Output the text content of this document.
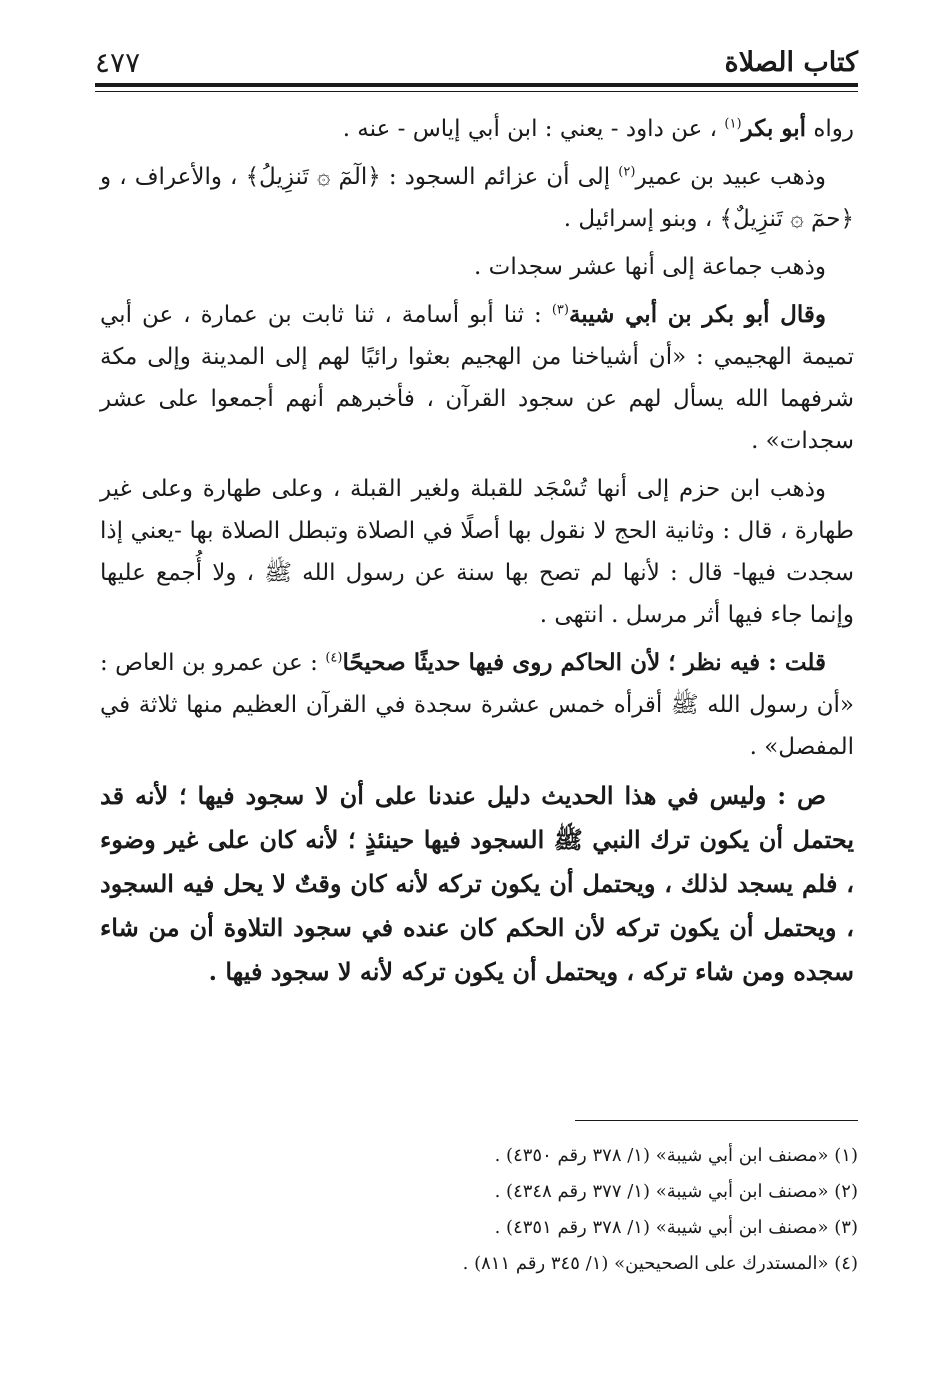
كتاب الصلاة
٤٧٧

رواه أبو بكر$^{(١)}$ ، عن داود - يعني : ابن أبي إياس - عنه .

وذهب عبيد بن عمير$^{(٢)}$ إلى أن عزائم السجود : ﴿الٓمٓ ۞ تَنزِيلُ﴾ ، والأعراف ، و ﴿حمٓ ۞ تَنزِيلٌ﴾ ، وبنو إسرائيل .

وذهب جماعة إلى أنها عشر سجدات .

وقال أبو بكر بن أبي شيبة$^{(٣)}$ : ثنا أبو أسامة ، ثنا ثابت بن عمارة ، عن أبي تميمة الهجيمي : «أن أشياخنا من الهجيم بعثوا رائيًا لهم إلى المدينة وإلى مكة شرفهما الله يسأل لهم عن سجود القرآن ، فأخبرهم أنهم أجمعوا على عشر سجدات» .

وذهب ابن حزم إلى أنها تُسْجَد للقبلة ولغير القبلة ، وعلى طهارة وعلى غير طهارة ، قال : وثانية الحج لا نقول بها أصلًا في الصلاة وتبطل الصلاة بها -يعني إذا سجدت فيها- قال : لأنها لم تصح بها سنة عن رسول الله ﷺ ، ولا أُجمع عليها وإنما جاء فيها أثر مرسل . انتهى .

قلت : فيه نظر ؛ لأن الحاكم روى فيها حديثًا صحيحًا$^{(٤)}$ : عن عمرو بن العاص : «أن رسول الله ﷺ أقرأه خمس عشرة سجدة في القرآن العظيم منها ثلاثة في المفصل» .

ص : وليس في هذا الحديث دليل عندنا على أن لا سجود فيها ؛ لأنه قد يحتمل أن يكون ترك النبي ﷺ السجود فيها حينئذٍ ؛ لأنه كان على غير وضوء ، فلم يسجد لذلك ، ويحتمل أن يكون تركه لأنه كان وقتٌ لا يحل فيه السجود ، ويحتمل أن يكون تركه لأن الحكم كان عنده في سجود التلاوة أن من شاء سجده ومن شاء تركه ، ويحتمل أن يكون تركه لأنه لا سجود فيها .

(١) «مصنف ابن أبي شيبة» (١/ ٣٧٨ رقم ٤٣٥٠) .
(٢) «مصنف ابن أبي شيبة» (١/ ٣٧٧ رقم ٤٣٤٨) .
(٣) «مصنف ابن أبي شيبة» (١/ ٣٧٨ رقم ٤٣٥١) .
(٤) «المستدرك على الصحيحين» (١/ ٣٤٥ رقم ٨١١) .
